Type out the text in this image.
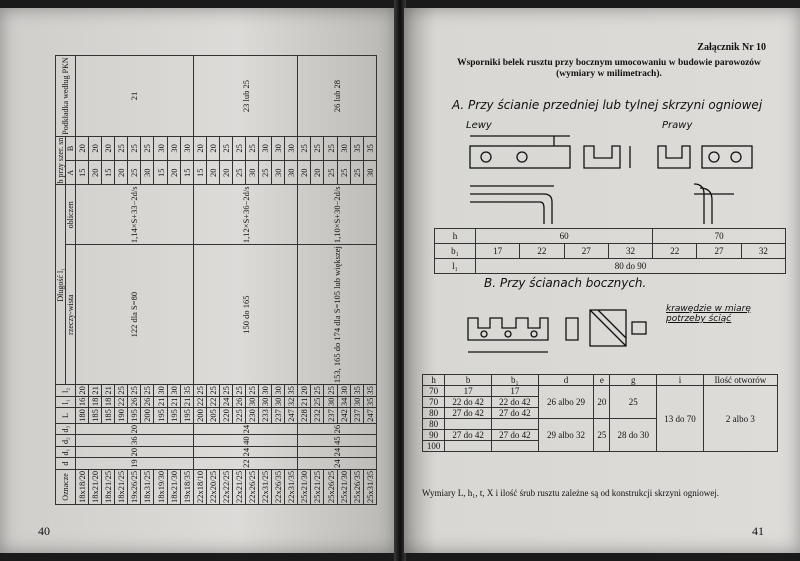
Oznacze	d	d₁	d₂	d₃	L	l₁	l₂	Długość l₁		b przy szer. sn		Podkładka według PKN
								rzeczy-wista	obliczen	A	B	
18x18/20	19	20	36	20	180	16	20	122 dla S=80	1,14×S+33−2d/s	15	20	21
18x21/20					185	18	21			20	20	
18x21/25					185	18	21			15	20	
18x21/25					190	22	25			20	25	
19x26/25					195	26	25			25	25	
18x31/25					200	26	25			30	25	
18x19/30					195	21	30			15	30	
18x21/30					195	21	30			20	30	
19x18/35					195	21	35			15	30	
22x18/10	22	24	40	24	200	22	25	150 do 165	1,12×S+36−2d/s	15	20	23 lub 25
22x20/25					205	22	25			20	20	
22x22/25					220	24	25			20	25	
22x21/25					225	26	25			25	25	
22x26/25					230	30	25			30	25	
22x31/25					233	30	30			25	30	
22x26/35					237	30	30			30	30	
22x31/35					247	32	35			30	30	
25x21/30	24	24	45	26	228	21	20	153, 165 do 174 dla S=105 lub większej	1,10×S+30−2d/s	20	25	26 lub 28
25x21/25					232	25	25			20	25	
25x26/25					237	30	25			25	25	
25x21/30					242	34	30			25	30	
25x26/35					237	30	35			25	35	
25x31/35					247	35	35			30	35	
40
Załącznik Nr 10
Wsporniki belek rusztu przy bocznym umocowaniu w budowie parowozów
(wymiary w milimetrach).
A. Przy ścianie przedniej lub tylnej skrzyni ogniowej
Lewy	Prawy
h	60				70		
b₁	17	22	27	32	22	27	32
l₁	80 do 90						
B. Przy ścianach bocznych.
krawędzie w miarę potrzeby ściąć
h	b	b₁	d	e	g	i	Ilość otworów
70	17	17	26 albo 29	20	25	13 do 70	2 albo 3
70	22 do 42	22 do 42					
80	27 do 42	27 do 42					
80			29 albo 32	25	28 do 30		
90	27 do 42	27 do 42					
100							
Wymiary L, h₁, t, X i ilość śrub rusztu zależne są od konstrukcji skrzyni ogniowej.
41
